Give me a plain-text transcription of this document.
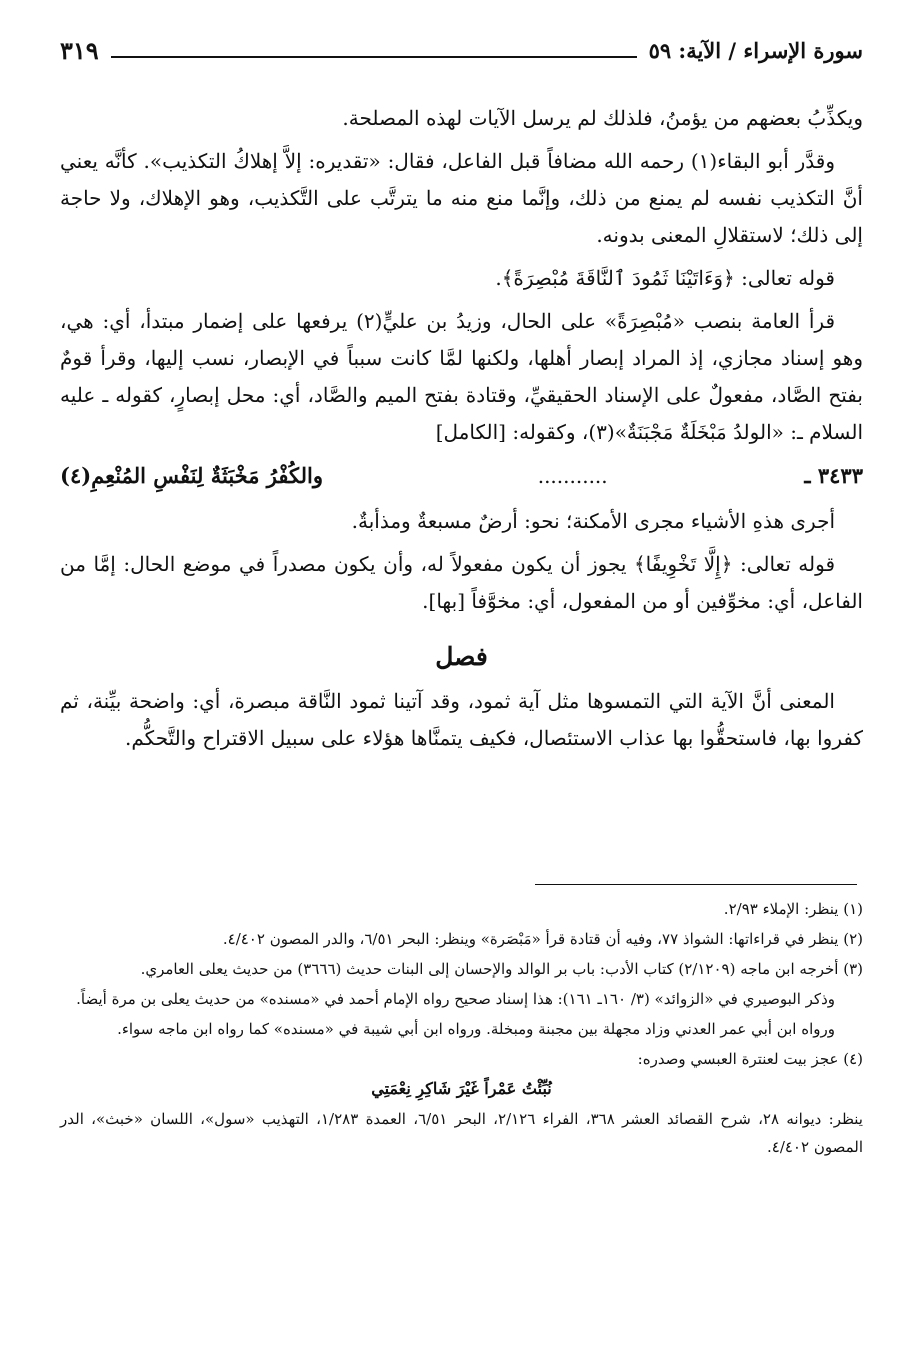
سورة الإسراء / الآية: ٥٩
٣١٩

ويكذِّبُ بعضهم من يؤمنُ، فلذلك لم يرسل الآيات لهذه المصلحة.

وقدَّر أبو البقاء(١) رحمه الله مضافاً قبل الفاعل، فقال: «تقديره: إلاَّ إهلاكُ التكذيب». كأنَّه يعني أنَّ التكذيب نفسه لم يمنع من ذلك، وإنَّما منع منه ما يترتَّب على التَّكذيب، وهو الإهلاك، ولا حاجة إلى ذلك؛ لاستقلالِ المعنى بدونه.

قوله تعالى: ﴿وَءَاتَيْنَا ثَمُودَ ٱلنَّاقَةَ مُبْصِرَةً﴾.

قرأ العامة بنصب «مُبْصِرَةً» على الحال، وزيدُ بن عليٍّ(٢) يرفعها على إضمار مبتدأ، أي: هي، وهو إسناد مجازي، إذ المراد إبصار أهلها، ولكنها لمَّا كانت سبباً في الإبصار، نسب إليها، وقرأ قومٌ بفتح الصَّاد، مفعولٌ على الإسناد الحقيقيِّ، وقتادة بفتح الميم والصَّاد، أي: محل إبصارٍ، كقوله ـ عليه السلام ـ: «الولدُ مَبْخَلَةٌ مَجْبَنَةٌ»(٣)، وكقوله: [الكامل]

٣٤٣٣ ـ
...........
والكُفْرُ مَخْبَثَةٌ لِنَفْسِ المُنْعِمِ(٤)

أجرى هذهِ الأشياء مجرى الأمكنة؛ نحو: أرضٌ مسبعةٌ ومذأبةٌ.

قوله تعالى: ﴿إِلَّا تَخْوِيفًا﴾ يجوز أن يكون مفعولاً له، وأن يكون مصدراً في موضع الحال: إمَّا من الفاعل، أي: مخوِّفين أو من المفعول، أي: مخوَّفاً [بها].

فصل

المعنى أنَّ الآية التي التمسوها مثل آية ثمود، وقد آتينا ثمود النَّاقة مبصرة، أي: واضحة بيِّنة، ثم كفروا بها، فاستحقُّوا بها عذاب الاستئصال، فكيف يتمنَّاها هؤلاء على سبيل الاقتراح والتَّحكُّم.

(١) ينظر: الإملاء ٢/٩٣.

(٢) ينظر في قراءاتها: الشواذ ٧٧، وفيه أن قتادة قرأ «مَبْصَرة» وينظر: البحر ٦/٥١، والدر المصون ٤/٤٠٢.

(٣) أخرجه ابن ماجه (٢/١٢٠٩) كتاب الأدب: باب بر الوالد والإحسان إلى البنات حديث (٣٦٦٦) من حديث يعلى العامري.

وذكر البوصيري في «الزوائد» (٣/ ١٦٠ـ ١٦١): هذا إسناد صحيح رواه الإمام أحمد في «مسنده» من حديث يعلى بن مرة أيضاً.

ورواه ابن أبي عمر العدني وزاد مجهلة بين مجبنة ومبخلة. ورواه ابن أبي شيبة في «مسنده» كما رواه ابن ماجه سواء.

(٤) عجز بيت لعنترة العبسي وصدره:

نُبِّئْتُ عَمْراً غَيْرَ شَاكِرِ نِعْمَتِي

ينظر: ديوانه ٢٨، شرح القصائد العشر ٣٦٨، الفراء ٢/١٢٦، البحر ٦/٥١، العمدة ١/٢٨٣، التهذيب «سول»، اللسان «خبث»، الدر المصون ٤/٤٠٢.
